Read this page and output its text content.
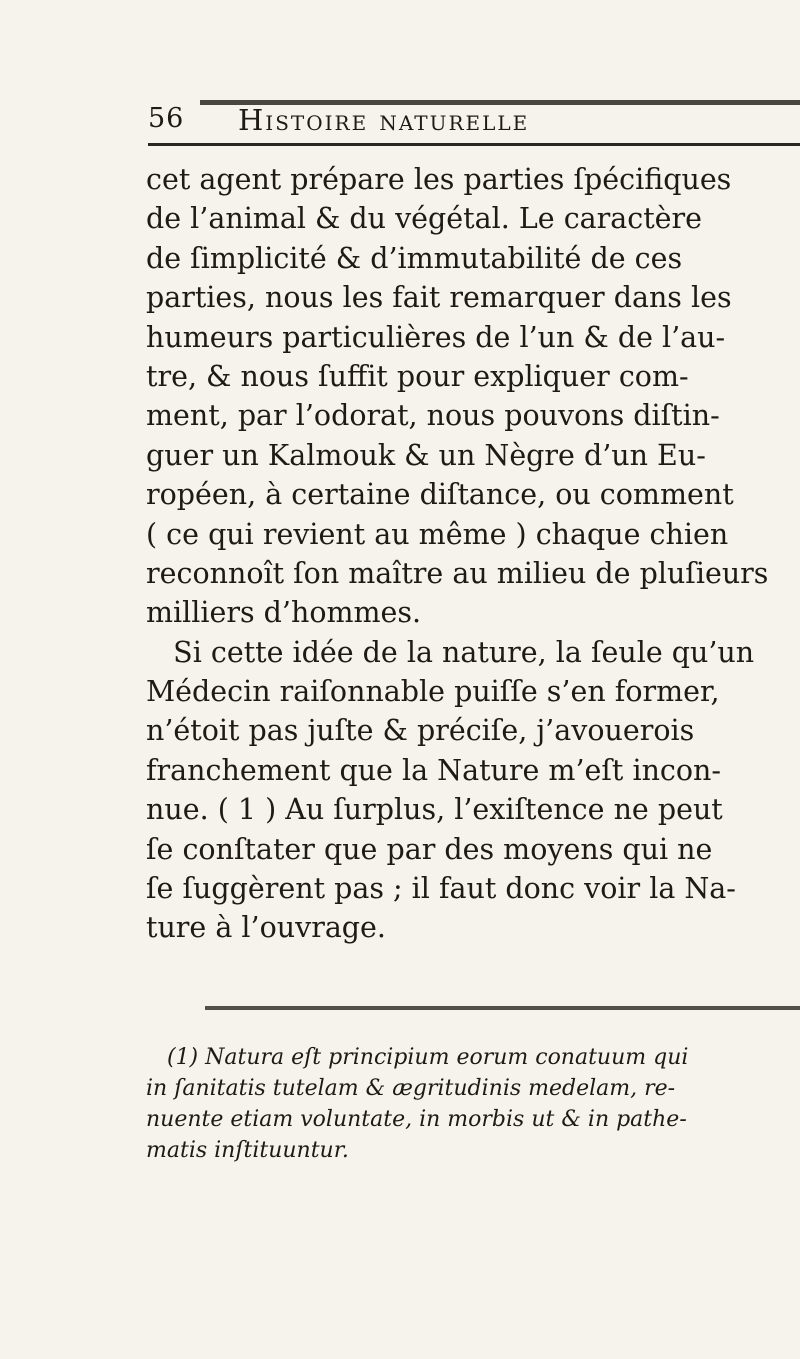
56 Histoire naturelle
cet agent prépare les parties ſpécifiques
de l’animal & du végétal. Le caractère
de ſimplicité & d’immutabilité de ces
parties, nous les fait remarquer dans les
humeurs particulières de l’un & de l’au-
tre, & nous ſuffit pour expliquer com-
ment, par l’odorat, nous pouvons diſtin-
guer un Kalmouk & un Nègre d’un Eu-
ropéen, à certaine diſtance, ou comment
( ce qui revient au même ) chaque chien
reconnoît ſon maître au milieu de pluſieurs
milliers d’hommes.
Si cette idée de la nature, la ſeule qu’un
Médecin raiſonnable puiſſe s’en former,
n’étoit pas juſte & préciſe, j’avouerois
franchement que la Nature m’eſt incon-
nue. ( 1 ) Au ſurplus, l’exiſtence ne peut
ſe conſtater que par des moyens qui ne
ſe ſuggèrent pas ; il faut donc voir la Na-
ture à l’ouvrage.
(1) Natura eſt principium eorum conatuum qui
in ſanitatis tutelam & ægritudinis medelam, re-
nuente etiam voluntate, in morbis ut & in pathe-
matis inſtituuntur.
